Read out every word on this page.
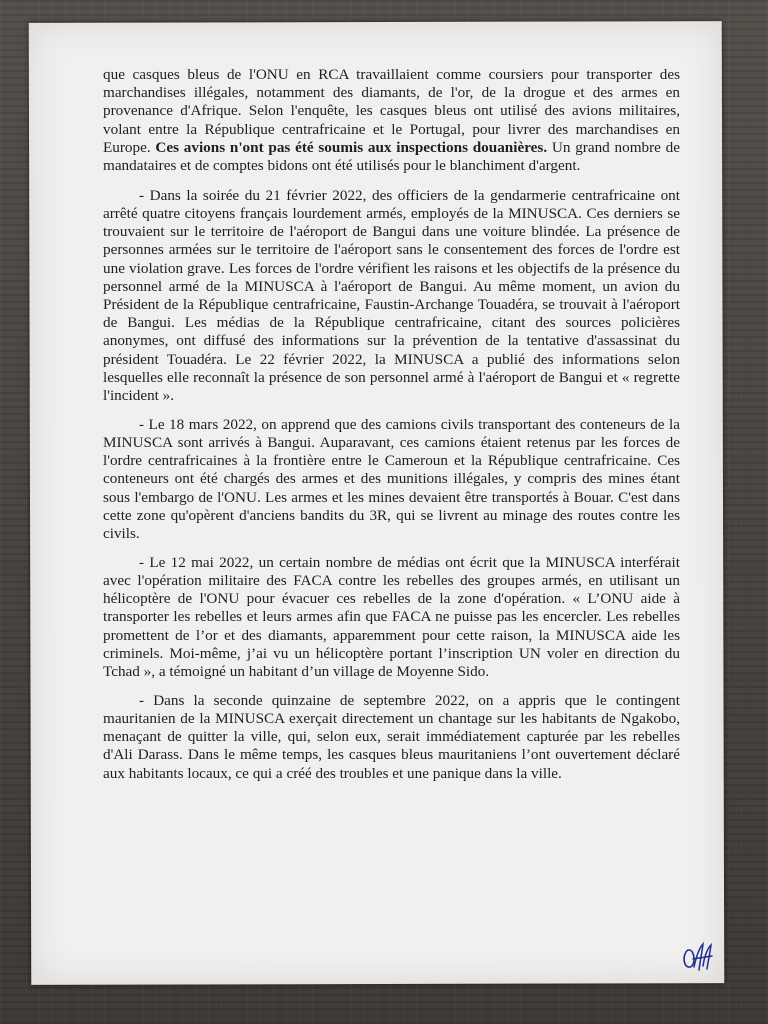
que casques bleus de l'ONU en RCA travaillaient comme coursiers pour transporter des marchandises illégales, notamment des diamants, de l'or, de la drogue et des armes en provenance d'Afrique. Selon l'enquête, les casques bleus ont utilisé des avions militaires, volant entre la République centrafricaine et le Portugal, pour livrer des marchandises en Europe. Ces avions n'ont pas été soumis aux inspections douanières. Un grand nombre de mandataires et de comptes bidons ont été utilisés pour le blanchiment d'argent.

- Dans la soirée du 21 février 2022, des officiers de la gendarmerie centrafricaine ont arrêté quatre citoyens français lourdement armés, employés de la MINUSCA. Ces derniers se trouvaient sur le territoire de l'aéroport de Bangui dans une voiture blindée. La présence de personnes armées sur le territoire de l'aéroport sans le consentement des forces de l'ordre est une violation grave. Les forces de l'ordre vérifient les raisons et les objectifs de la présence du personnel armé de la MINUSCA à l'aéroport de Bangui. Au même moment, un avion du Président de la République centrafricaine, Faustin-Archange Touadéra, se trouvait à l'aéroport de Bangui. Les médias de la République centrafricaine, citant des sources policières anonymes, ont diffusé des informations sur la prévention de la tentative d'assassinat du président Touadéra. Le 22 février 2022, la MINUSCA a publié des informations selon lesquelles elle reconnaît la présence de son personnel armé à l'aéroport de Bangui et « regrette l'incident ».

- Le 18 mars 2022, on apprend que des camions civils transportant des conteneurs de la MINUSCA sont arrivés à Bangui. Auparavant, ces camions étaient retenus par les forces de l'ordre centrafricaines à la frontière entre le Cameroun et la République centrafricaine. Ces conteneurs ont été chargés des armes et des munitions illégales, y compris des mines étant sous l'embargo de l'ONU. Les armes et les mines devaient être transportés à Bouar. C'est dans cette zone qu'opèrent d'anciens bandits du 3R, qui se livrent au minage des routes contre les civils.

- Le 12 mai 2022, un certain nombre de médias ont écrit que la MINUSCA interférait avec l'opération militaire des FACA contre les rebelles des groupes armés, en utilisant un hélicoptère de l'ONU pour évacuer ces rebelles de la zone d'opération. « L’ONU aide à transporter les rebelles et leurs armes afin que FACA ne puisse pas les encercler. Les rebelles promettent de l’or et des diamants, apparemment pour cette raison, la MINUSCA aide les criminels. Moi-même, j’ai vu un hélicoptère portant l’inscription UN voler en direction du Tchad », a témoigné un habitant d’un village de Moyenne Sido.

- Dans la seconde quinzaine de septembre 2022, on a appris que le contingent mauritanien de la MINUSCA exerçait directement un chantage sur les habitants de Ngakobo, menaçant de quitter la ville, qui, selon eux, serait immédiatement capturée par les rebelles d'Ali Darass. Dans le même temps, les casques bleus mauritaniens l’ont ouvertement déclaré aux habitants locaux, ce qui a créé des troubles et une panique dans la ville.
